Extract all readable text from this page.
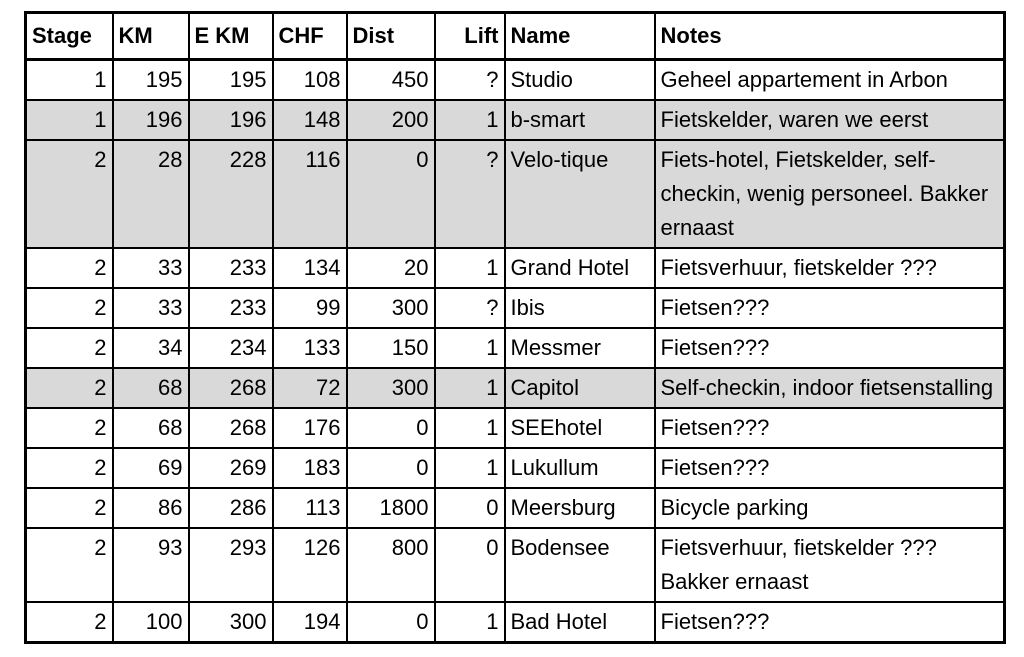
Stage	KM	E KM	CHF	Dist	Lift	Name	Notes
1	195	195	108	450	?	Studio	Geheel appartement in Arbon
1	196	196	148	200	1	b-smart	Fietskelder, waren we eerst
2	28	228	116	0	?	Velo-tique	Fiets-hotel, Fietskelder, self-checkin, wenig personeel. Bakker ernaast
2	33	233	134	20	1	Grand Hotel	Fietsverhuur, fietskelder ???
2	33	233	99	300	?	Ibis	Fietsen???
2	34	234	133	150	1	Messmer	Fietsen???
2	68	268	72	300	1	Capitol	Self-checkin, indoor fietsenstalling
2	68	268	176	0	1	SEEhotel	Fietsen???
2	69	269	183	0	1	Lukullum	Fietsen???
2	86	286	113	1800	0	Meersburg	Bicycle parking
2	93	293	126	800	0	Bodensee	Fietsverhuur, fietskelder ??? Bakker ernaast
2	100	300	194	0	1	Bad Hotel	Fietsen???
